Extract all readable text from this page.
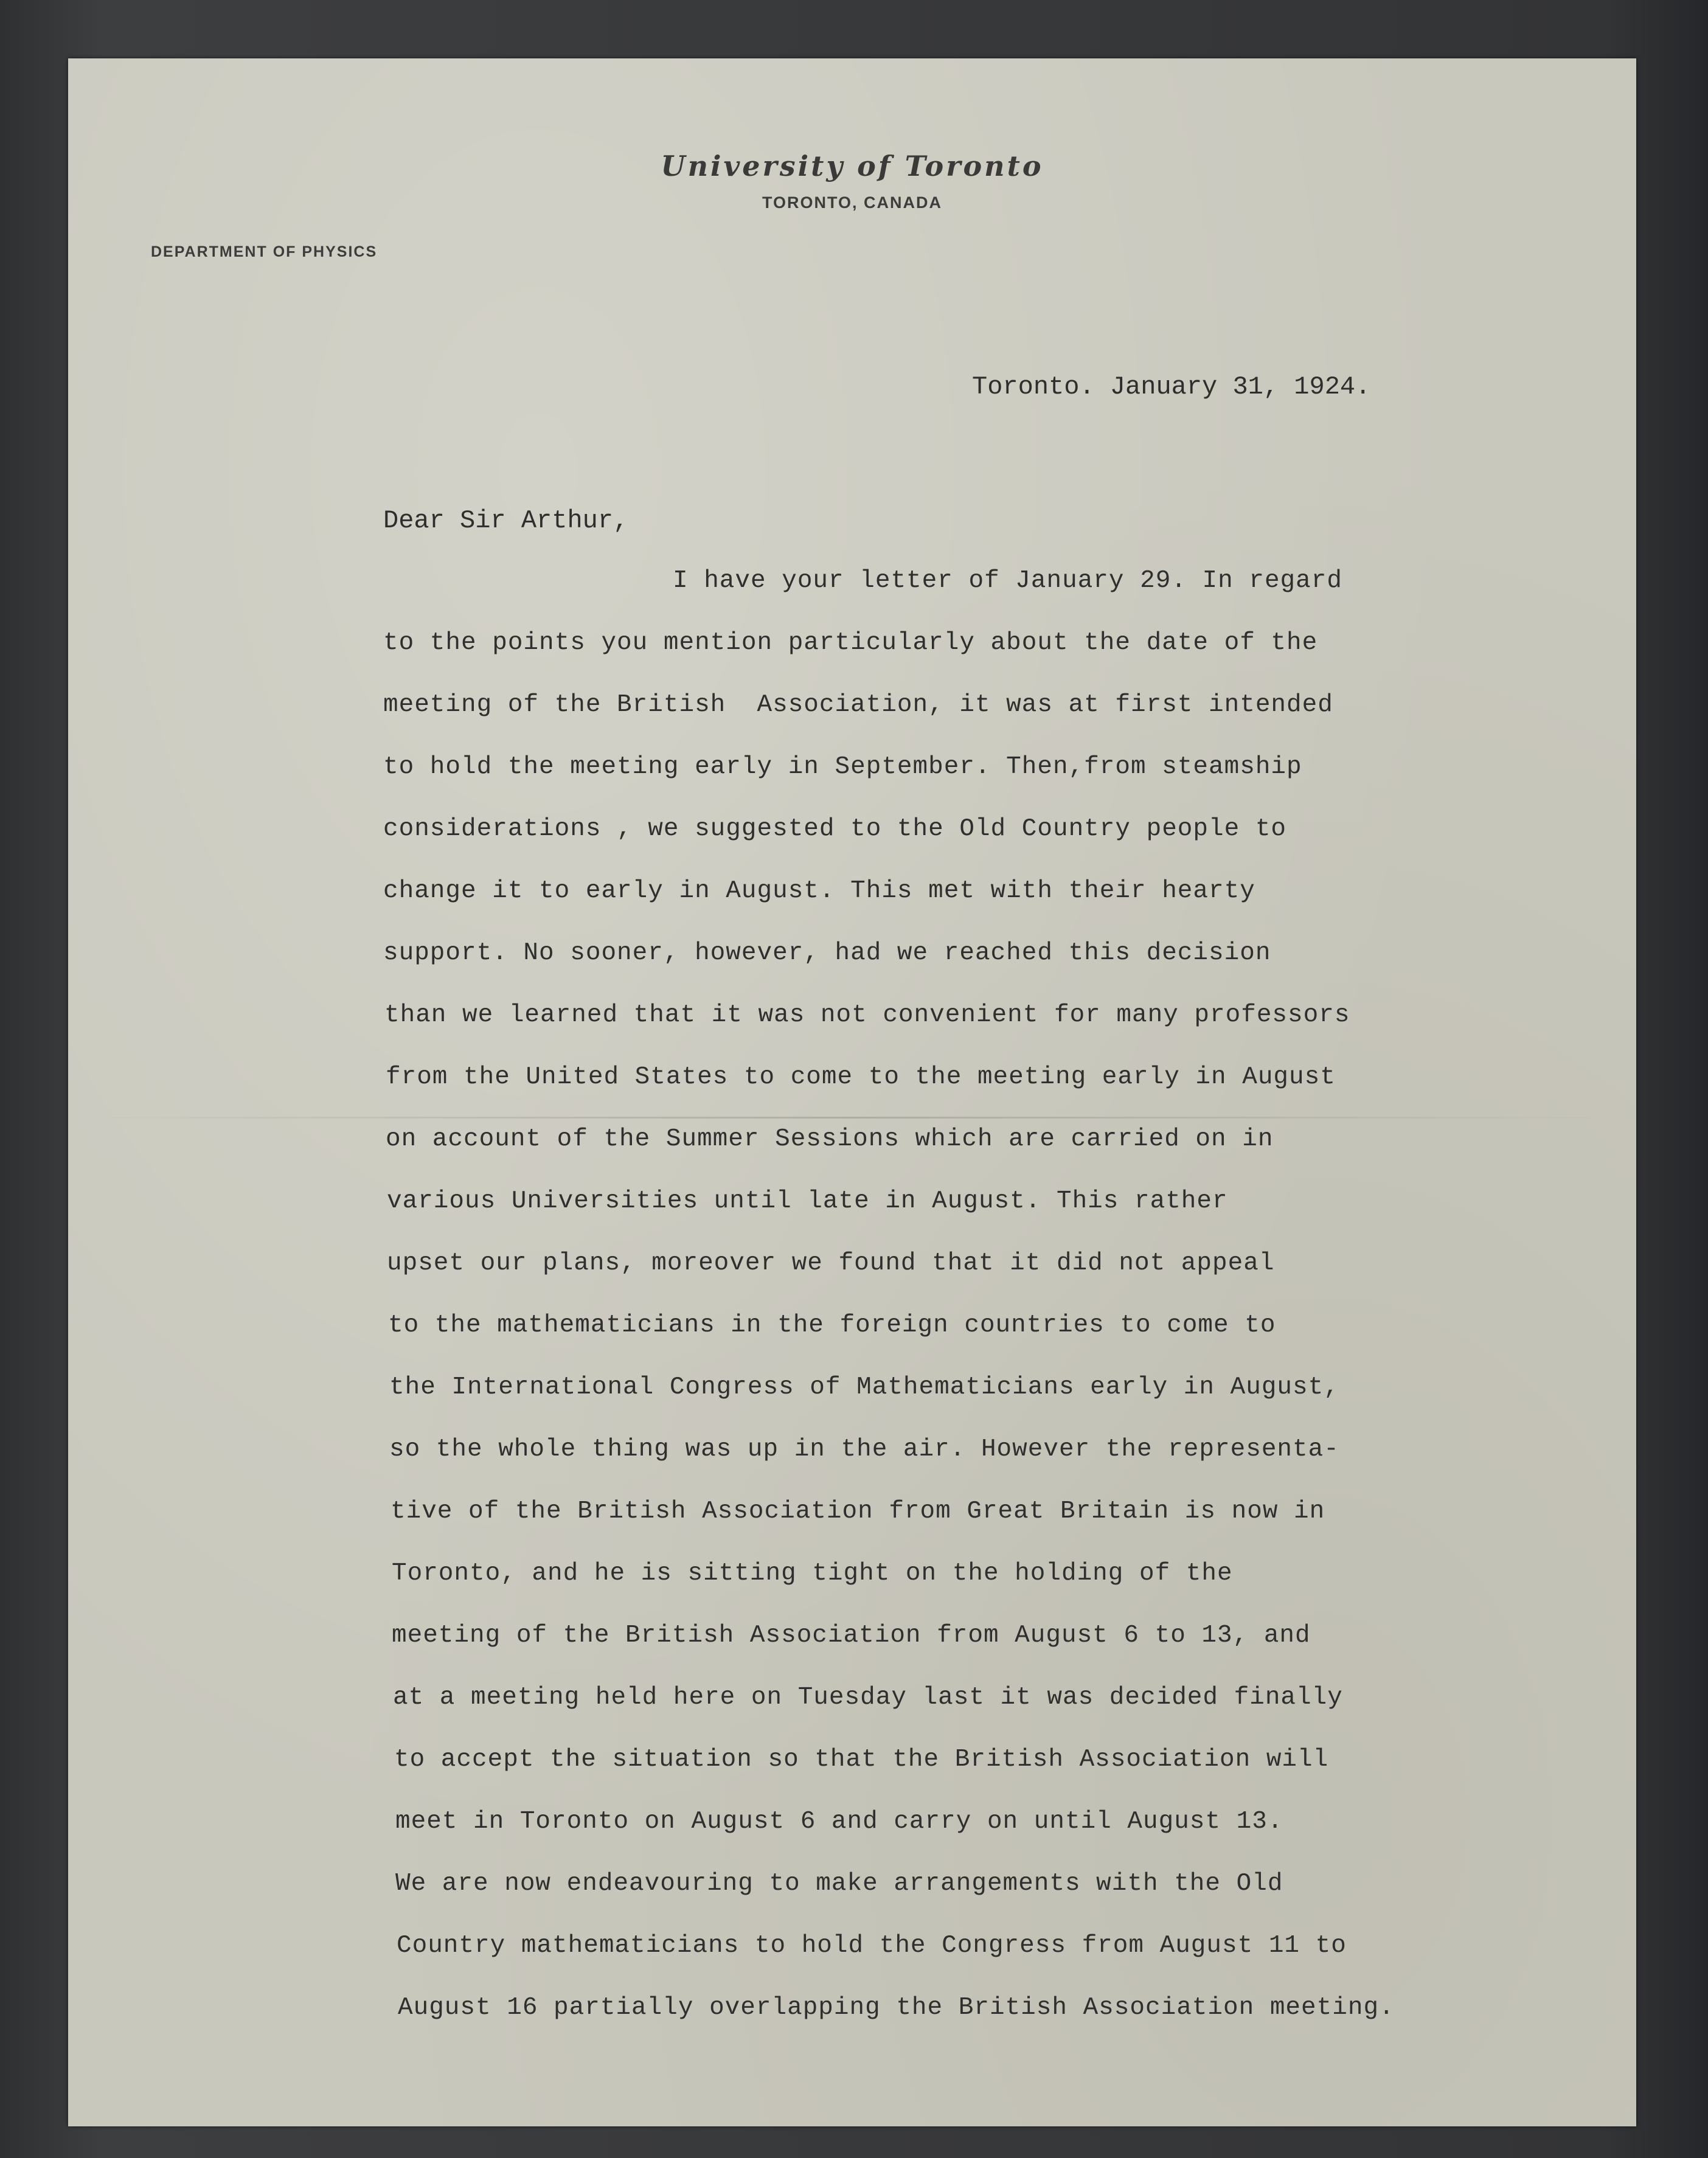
University of Toronto
TORONTO, CANADA
DEPARTMENT OF PHYSICS
Toronto. January 31, 1924.
Dear Sir Arthur,
I have your letter of January 29. In regard
to the points you mention particularly about the date of the
meeting of the British  Association, it was at first intended
to hold the meeting early in September. Then,from steamship
considerations , we suggested to the Old Country people to
change it to early in August. This met with their hearty
support. No sooner, however, had we reached this decision
than we learned that it was not convenient for many professors
from the United States to come to the meeting early in August
on account of the Summer Sessions which are carried on in
various Universities until late in August. This rather
upset our plans, moreover we found that it did not appeal
to the mathematicians in the foreign countries to come to
the International Congress of Mathematicians early in August,
so the whole thing was up in the air. However the representa-
tive of the British Association from Great Britain is now in
Toronto, and he is sitting tight on the holding of the
meeting of the British Association from August 6 to 13, and
at a meeting held here on Tuesday last it was decided finally
to accept the situation so that the British Association will
meet in Toronto on August 6 and carry on until August 13.
We are now endeavouring to make arrangements with the Old
Country mathematicians to hold the Congress from August 11 to
August 16 partially overlapping the British Association meeting.
